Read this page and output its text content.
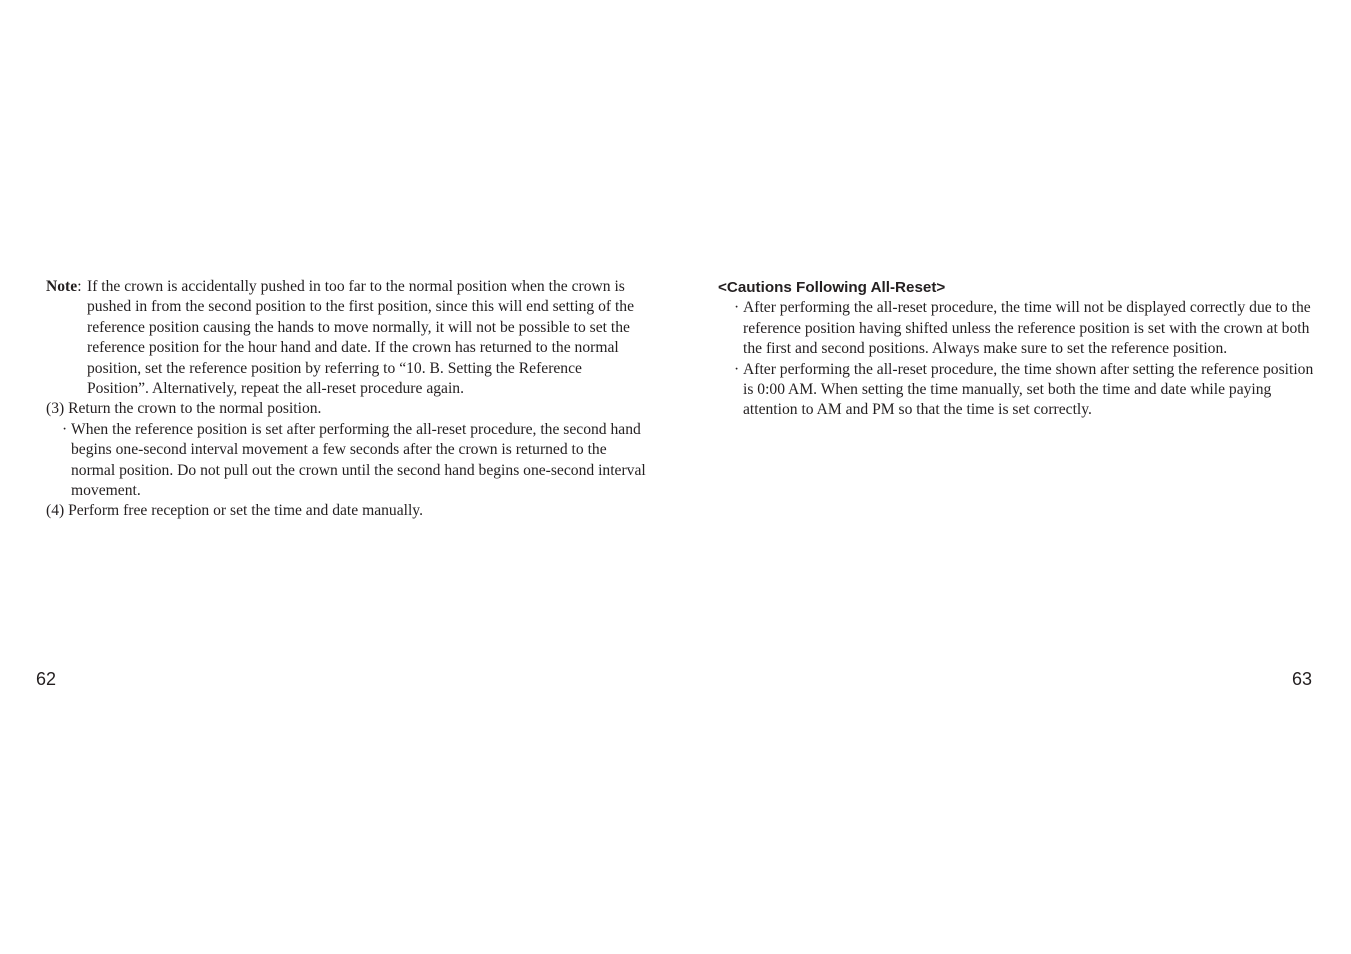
Note: If the crown is accidentally pushed in too far to the normal position when the crown is pushed in from the second position to the first position, since this will end setting of the reference position causing the hands to move normally, it will not be possible to set the reference position for the hour hand and date. If the crown has returned to the normal position, set the reference position by referring to “10. B. Setting the Reference Position”. Alternatively, repeat the all-reset procedure again.

(3) Return the crown to the normal position.

· When the reference position is set after performing the all-reset procedure, the second hand begins one-second interval movement a few seconds after the crown is returned to the normal position. Do not pull out the crown until the second hand begins one-second interval movement.

(4) Perform free reception or set the time and date manually.

62

<Cautions Following All-Reset>

· After performing the all-reset procedure, the time will not be displayed correctly due to the reference position having shifted unless the reference position is set with the crown at both the first and second positions. Always make sure to set the reference position.
· After performing the all-reset procedure, the time shown after setting the reference position is 0:00 AM. When setting the time manually, set both the time and date while paying attention to AM and PM so that the time is set correctly.
63
